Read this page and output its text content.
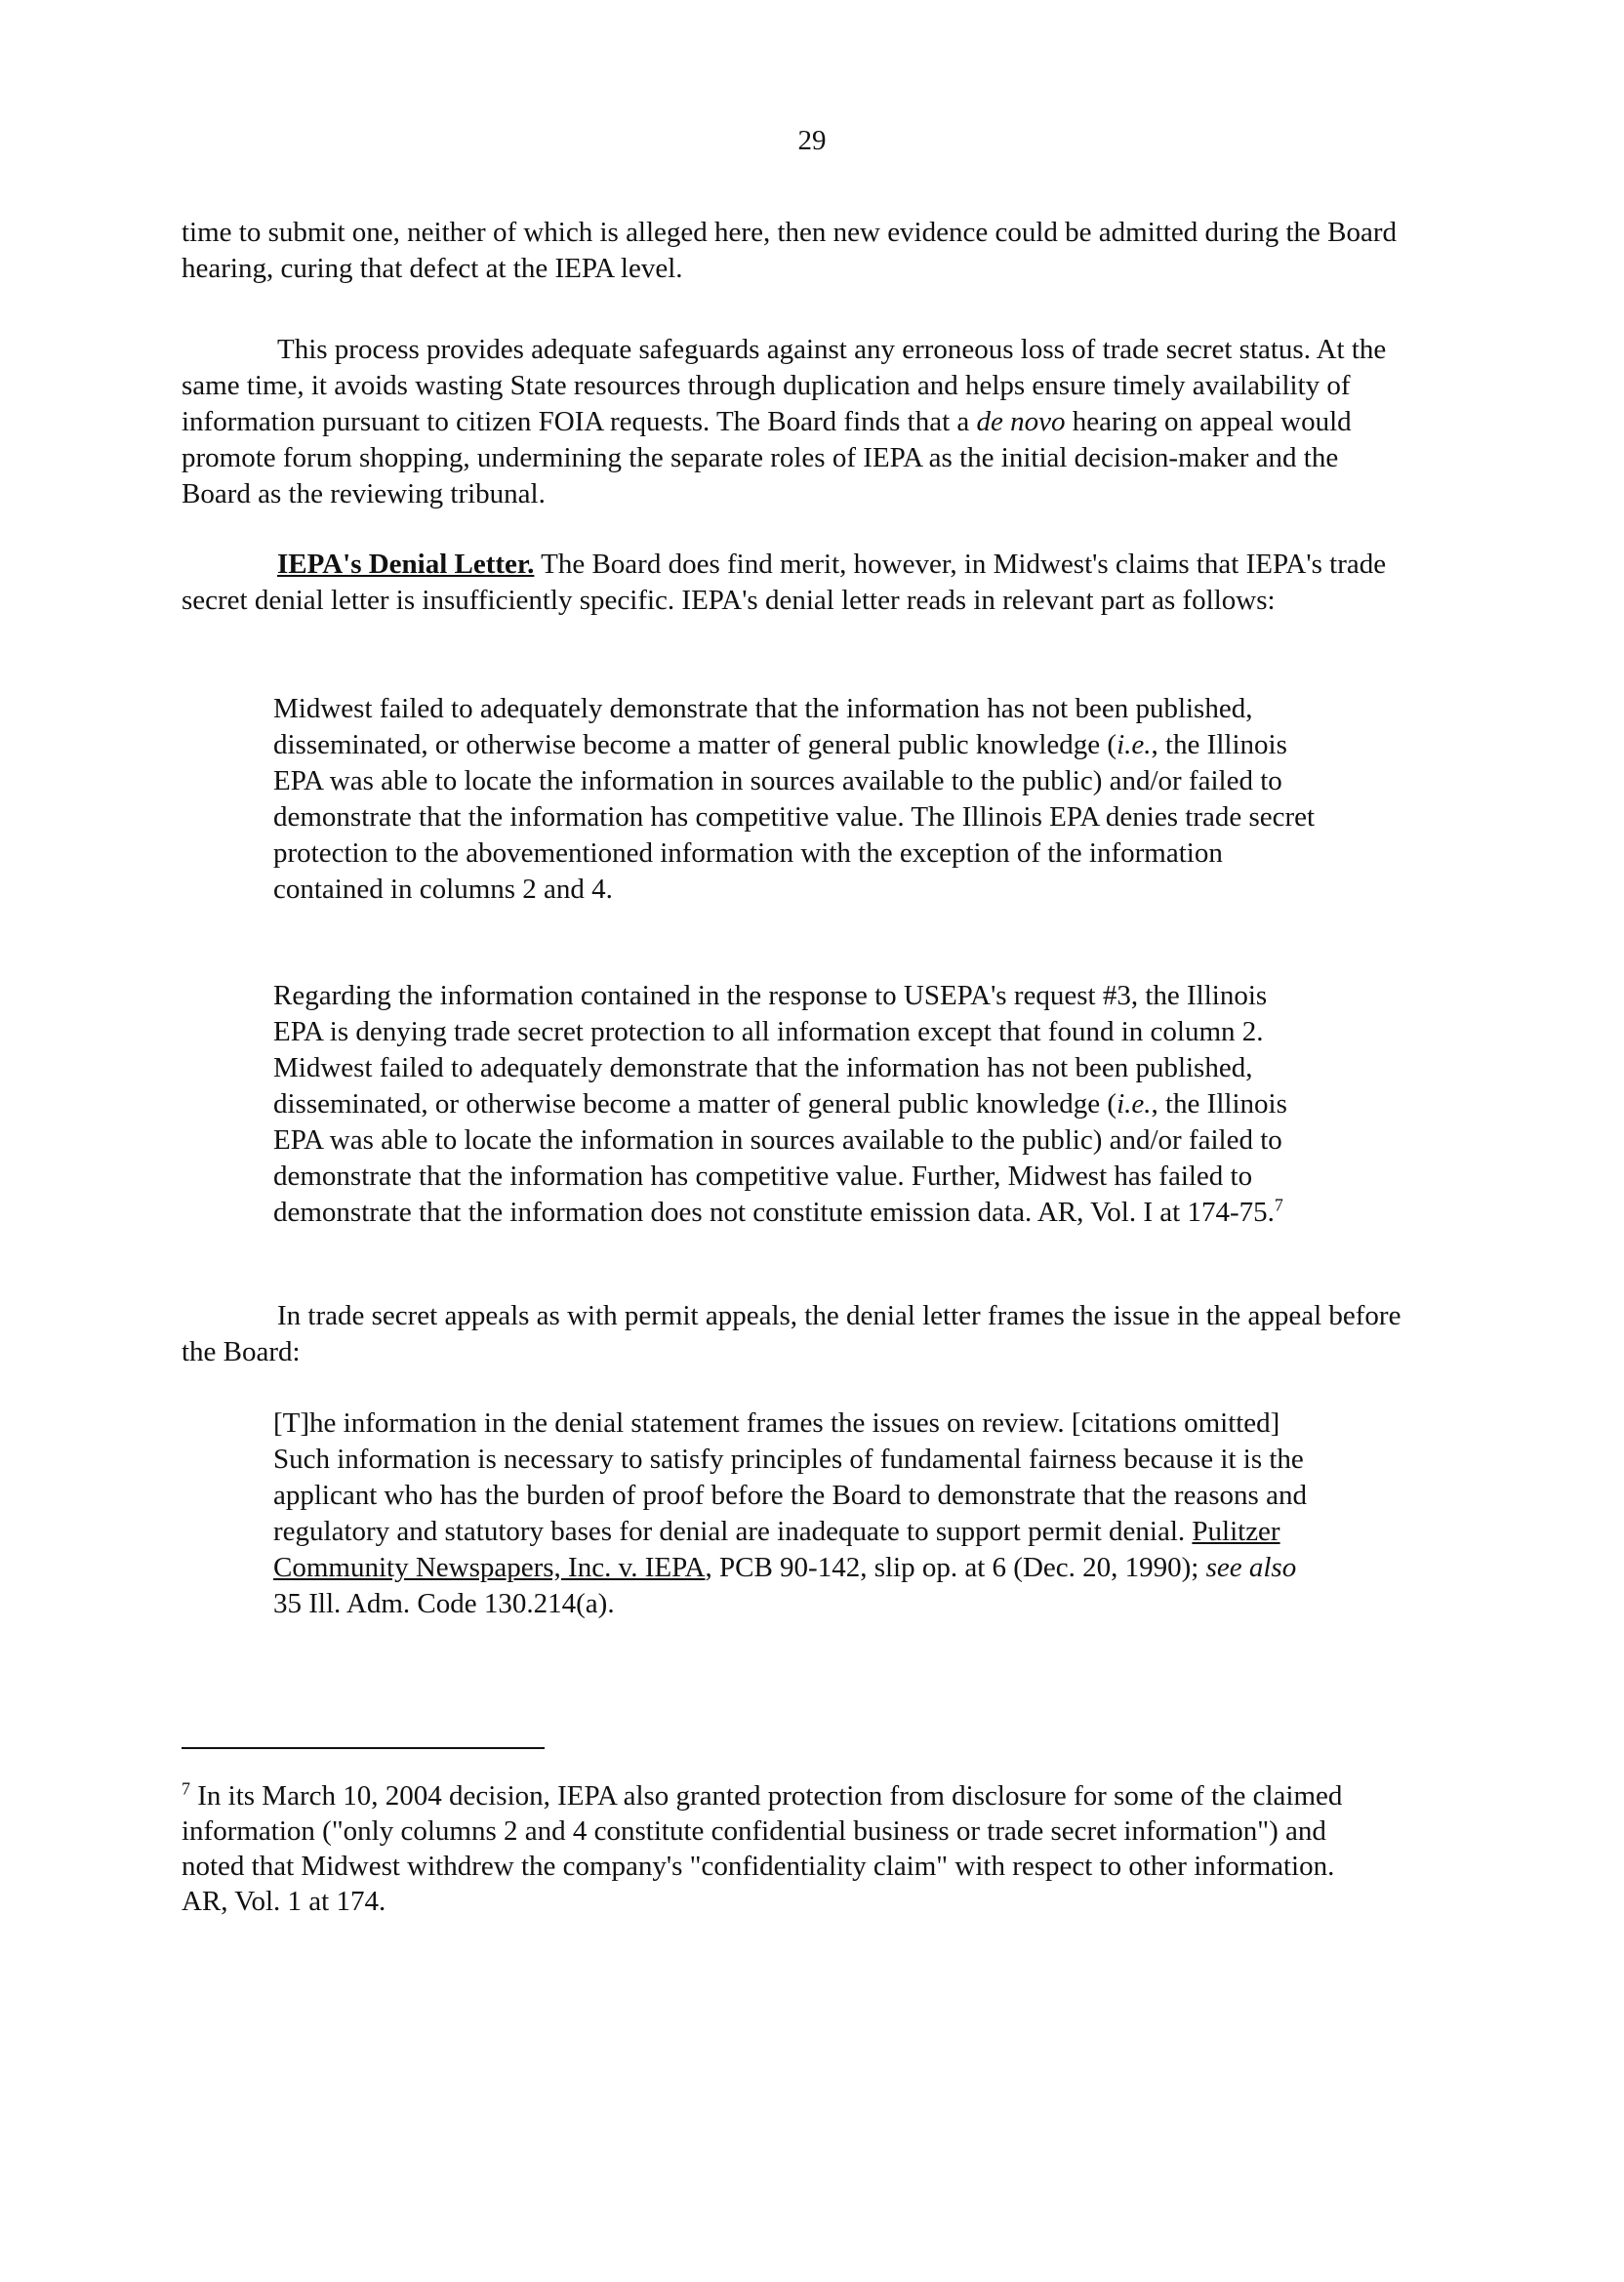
29

time to submit one, neither of which is alleged here, then new evidence could be admitted during the Board hearing, curing that defect at the IEPA level.

This process provides adequate safeguards against any erroneous loss of trade secret status. At the same time, it avoids wasting State resources through duplication and helps ensure timely availability of information pursuant to citizen FOIA requests. The Board finds that a de novo hearing on appeal would promote forum shopping, undermining the separate roles of IEPA as the initial decision-maker and the Board as the reviewing tribunal.

IEPA's Denial Letter. The Board does find merit, however, in Midwest's claims that IEPA's trade secret denial letter is insufficiently specific. IEPA's denial letter reads in relevant part as follows:

Midwest failed to adequately demonstrate that the information has not been published, disseminated, or otherwise become a matter of general public knowledge (i.e., the Illinois EPA was able to locate the information in sources available to the public) and/or failed to demonstrate that the information has competitive value. The Illinois EPA denies trade secret protection to the abovementioned information with the exception of the information contained in columns 2 and 4.

Regarding the information contained in the response to USEPA's request #3, the Illinois EPA is denying trade secret protection to all information except that found in column 2. Midwest failed to adequately demonstrate that the information has not been published, disseminated, or otherwise become a matter of general public knowledge (i.e., the Illinois EPA was able to locate the information in sources available to the public) and/or failed to demonstrate that the information has competitive value. Further, Midwest has failed to demonstrate that the information does not constitute emission data. AR, Vol. I at 174-75.$^7$

In trade secret appeals as with permit appeals, the denial letter frames the issue in the appeal before the Board:

[T]he information in the denial statement frames the issues on review. [citations omitted] Such information is necessary to satisfy principles of fundamental fairness because it is the applicant who has the burden of proof before the Board to demonstrate that the reasons and regulatory and statutory bases for denial are inadequate to support permit denial. Pulitzer Community Newspapers, Inc. v. IEPA, PCB 90-142, slip op. at 6 (Dec. 20, 1990); see also 35 Ill. Adm. Code 130.214(a).

$^7$ In its March 10, 2004 decision, IEPA also granted protection from disclosure for some of the claimed information ("only columns 2 and 4 constitute confidential business or trade secret information") and noted that Midwest withdrew the company's "confidentiality claim" with respect to other information. AR, Vol. 1 at 174.
